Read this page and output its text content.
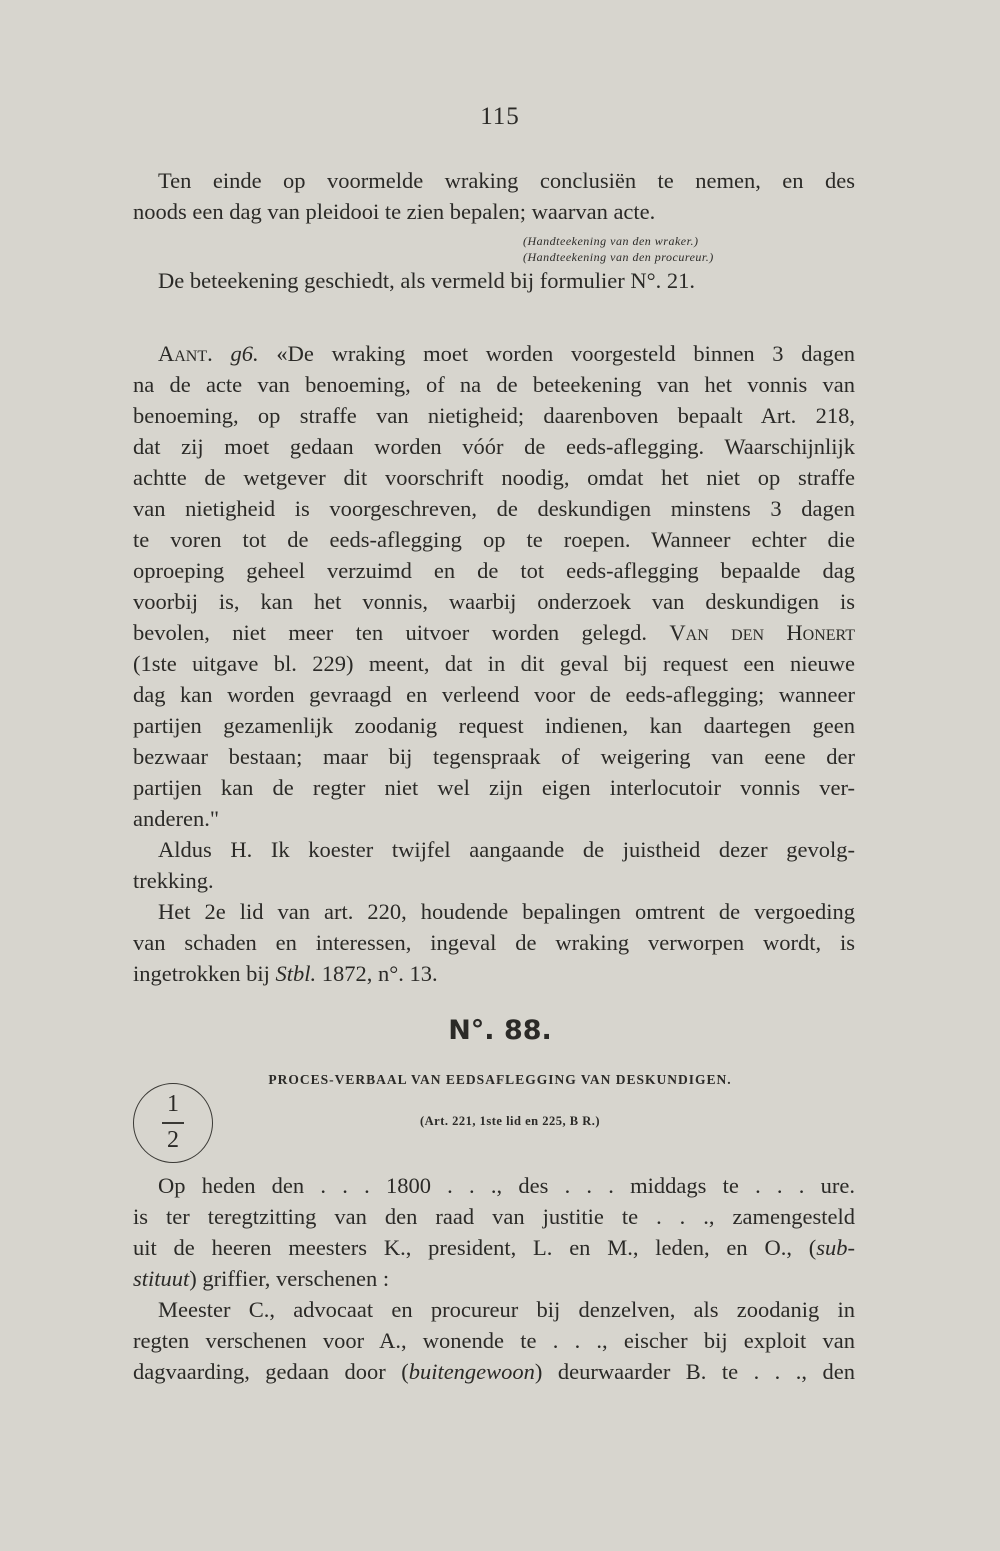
115
Ten einde op voormelde wraking conclusiën te nemen, en des
noods een dag van pleidooi te zien bepalen; waarvan acte.
(Handteekening van den wraker.)
(Handteekening van den procureur.)
De beteekening geschiedt, als vermeld bij formulier N°. 21.
Aant. g6. «De wraking moet worden voorgesteld binnen 3 dagen
na de acte van benoeming, of na de beteekening van het vonnis van
benoeming, op straffe van nietigheid; daarenboven bepaalt Art. 218,
dat zij moet gedaan worden vóór de eeds-aflegging. Waarschijnlijk
achtte de wetgever dit voorschrift noodig, omdat het niet op straffe
van nietigheid is voorgeschreven, de deskundigen minstens 3 dagen
te voren tot de eeds-aflegging op te roepen. Wanneer echter die
oproeping geheel verzuimd en de tot eeds-aflegging bepaalde dag
voorbij is, kan het vonnis, waarbij onderzoek van deskundigen is
bevolen, niet meer ten uitvoer worden gelegd. Van den Honert
(1ste uitgave bl. 229) meent, dat in dit geval bij request een nieuwe
dag kan worden gevraagd en verleend voor de eeds-aflegging; wanneer
partijen gezamenlijk zoodanig request indienen, kan daartegen geen
bezwaar bestaan; maar bij tegenspraak of weigering van eene der
partijen kan de regter niet wel zijn eigen interlocutoir vonnis ver-
anderen."
Aldus H. Ik koester twijfel aangaande de juistheid dezer gevolg-
trekking.
Het 2e lid van art. 220, houdende bepalingen omtrent de vergoeding
van schaden en interessen, ingeval de wraking verworpen wordt, is
ingetrokken bij Stbl. 1872, n°. 13.
N°. 88.
1
2
PROCES-VERBAAL VAN EEDSAFLEGGING VAN DESKUNDIGEN.
(Art. 221, 1ste lid en 225, B R.)
Op heden den . . . 1800 . . ., des . . . middags te . . . ure.
is ter teregtzitting van den raad van justitie te . . ., zamengesteld
uit de heeren meesters K., president, L. en M., leden, en O., (sub-
stituut) griffier, verschenen :
Meester C., advocaat en procureur bij denzelven, als zoodanig in
regten verschenen voor A., wonende te . . ., eischer bij exploit van
dagvaarding, gedaan door (buitengewoon) deurwaarder B. te . . ., den
